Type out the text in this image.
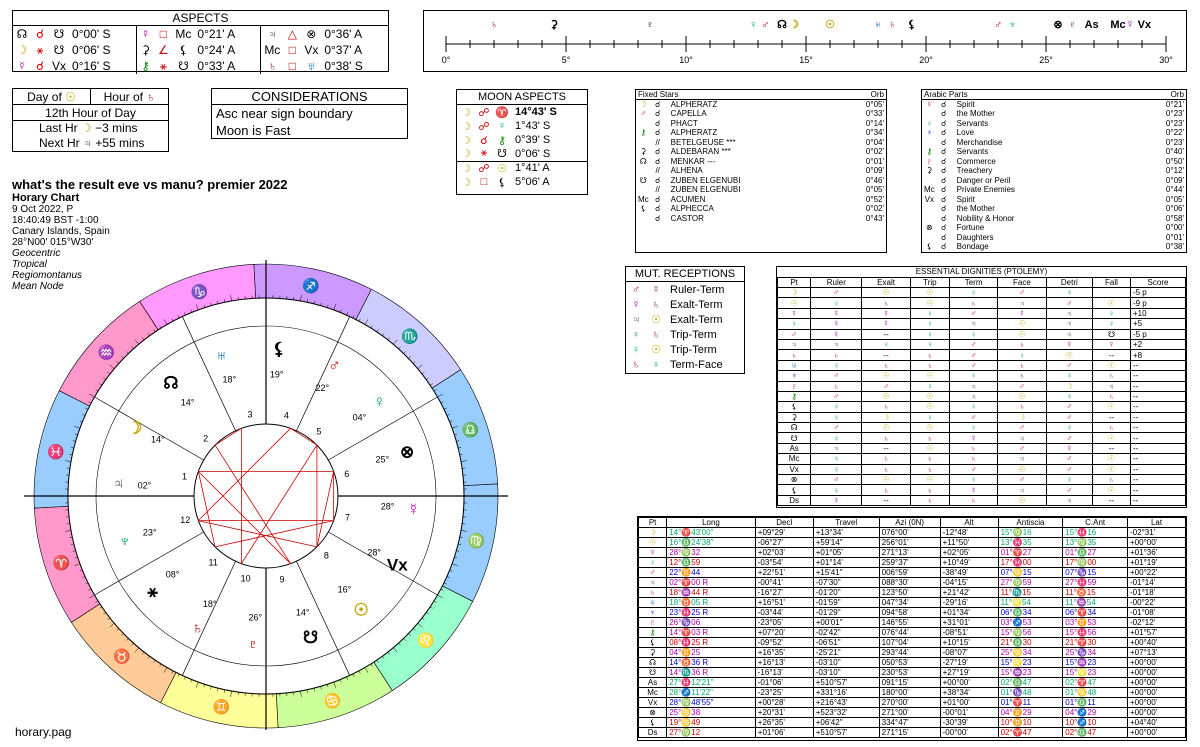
ASPECTS
☊	☌	☋	0°00' S	☿	□	Mc	0°21' A	♃	△	⊗	0°36' A
☽	⚹	☋	0°06' S	⚳	∠	⚸	0°24' A	Mc	□	Vx	0°37' A
☿	☌	Vx	0°16' S	⚷	⚹	☋	0°33' A	♄	□	♅	0°38' S	0°	5°	10°	15°	20°	25°	30°
♄	⚳	♇	♀ ♂ ☊ ☽ ☉	♅ ♄ ⚸	♂ ♆	⊗ ♇ As Mc ☿ Vx
Day of ☉	Hour of ♄
12th Hour of Day
Last Hr ☽ −3 mins
Next Hr ♃ +55 mins
CONSIDERATIONS
Asc near sign boundary
Moon is Fast
MOON ASPECTS
☽	☍	♈	14°43' S
☽	☍	♀	1°43' S
☽	☌	⚷	0°39' S
☽	⚹	☋	0°06' S
☽	☍	☉	1°41' A
☽	□	⚸	5°06' A
what's the result eve vs manu? premier 2022
Horary Chart
9 Oct 2022, P
18:40:49 BST -1:00
Canary Islands, Spain
28°N00' 015°W30'
Geocentric
Tropical
Regiomontanus
Mean Node
♓
♈
♉
♊	♋
♌
♍
♎
♏
♐
♑
♒
1
2
3	4
5
6
7
8
9
10
11
12
☿
28°
⊗
25°
♀
04°
♂
22°
⚸
19°
♅
18°
☊
14°
☽
14°
♃ 02°
♆ 23°
⚹
08°
♄
18°
♇
26°
☋
14°	☉
16°
Vx
28°
horary.pag
Fixed Stars			Orb
☽	☌	ALPHERATZ	0°05'
♂	☌	CAPELLA	0°33'
	☌	PHACT	0°14'
⚷	☌	ALPHERATZ	0°34'
	//	BETELGEUSE ***	0°04'
⚳	☌	ALDEBARAN ***	0°02'
☊	☌	MENKAR ---	0°01'
	//	ALHENA	0°09'
☋	☌	ZUBEN ELGENUBI	0°46'
	//	ZUBEN ELGENUBI	0°05'
Mc	☌	ACUMEN	0°52'
⚸	☌	ALPHECCA	0°02'
	☌	CASTOR	0°43'
Arabic Parts			Orb
☿	☌	Spirit	0°21'
	☌	the Mother	0°23'
♀	☌	Servants	0°23'
♆	☌	Love	0°22'
	☌	Merchandise	0°23'
⚷	☌	Servants	0°40'
♇	☌	Commerce	0°50'
⚳	☌	Treachery	0°12'
	☌	Danger or Peril	0°09'
Mc	☌	Private Enemies	0°44'
Vx	☌	Spirit	0°05'
	☌	the Mother	0°06'
	☌	Nobility & Honor	0°58'
⊗	☌	Fortune	0°00'
	☌	Daughters	0°01'
⚸	☌	Bondage	0°38'
MUT. RECEPTIONS
♂	☿	Ruler-Term
☿	♄	Exalt-Term
♃	☉	Exalt-Term
♀	♄	Trip-Term
♀	☉	Trip-Term
♄	♀	Term-Face
ESSENTIAL DIGNITIES (PTOLEMY)
Pt	Ruler	Exalt	Trip	Term	Face	Detri	Fall	Score
☽	♂	☉	☉	♀	♂	♀		-5 p
☉	♀	♄	☉	♄	♃	♂	☉	-9 p
☿	☿	☿	♀	♂	☿	♃	♀	+10
♀	☿	☿	♀	♃	☉	♃	♀	+5
♂	☿	--	♀	♀	☉	♃	☋	-5 p
♃	♃	♀	♀	♂	♄	☿	☿	+2
♄	♄	--	♄	♂	♀	☉	--	+8
♅	♀	♄	♄	♂	♄	♂	☉	--
♆	♂	☉	☉	♀	♄	♀	♄	--
♇	♄	♂	♀	♃	♂	☽	♃	--
⚷	♂	☉	☉	♃	☉	♀	♄	--
⚸	♀	♄	☉	♀	♄	♂	☉	--
⚳	♀	☽	♀	♂	☽	♂	--	--
☊	♂	☉	☉	♀	♂	♀	♄	--
☋	♀	♄	♄	☿	♃	♂	☉	--
As	♃	--	☉	♄	♂	☿	--	--
Mc	♀	♄	♄	♄	♃	♂	☉	--
Vx	♀	♄	♄	♂	☉	♂	☉	--
⊗	♂	☉	☉	♀	♂	♀	♄	--
⚸	♀	♄	♄	☿	♃	♂	☉	--
Ds	☿	--	♄	♄	☉	♃	--	--
Pt	Long	Decl	Travel	Azi (0N)	Alt	Antiscia	C.Ant	Lat
☽	14°♈43'00"	+09°29'	+13°34'	076°00'	-12°48'	15°♍16	15°♓16	-02°31'
☉	16°♎24'38"	-06°27'	+59'14"	256°01'	+11°50'	13°♓35	13°♍35	+00°00'
☿	28°♍32	+02°03'	+01°05'	271°13'	+02°05'	01°♈27	01°♎27	+01°36'
♀	12°♎59	-03°54'	+01°14'	259°37'	+10°49'	17°♓00	17°♍00	+01°19'
♂	22°♊44	+22°51'	+15'41"	006°59'	-38°49'	07°♋15	07°♑15	+00°22'
♃	02°♈00 R	-00°41'	-07'30"	088°30'	-04°15'	27°♍59	27°♓59	-01°14'
♄	18°♒44 R	-16°27'	-01'20"	123°50'	+21°42'	11°♏15	11°♉15	-01°18'
♅	18°♉05 R	+16°51'	-01'59"	047°34'	-29°16'	11°♌54	11°♒54	-00°22'
♆	23°♓25 R	-03°44'	-01'29"	094°58'	+01°34'	06°♎34	06°♈34	-01°08'
♇	26°♑06	-23°05'	+00'01"	146°55'	+31°01'	03°♐53	03°♊53	-02°12'
⚷	14°♈03 R	+07°20'	-02'42"	076°44'	-08°51'	15°♍56	15°♓56	+01°57'
⚸	08°♓25 R	-09°52'	-06'51"	107°04'	+10°15'	21°♎30	21°♈30	+00°40'
⚳	04°♊25	+16°35'	-25'21"	293°44'	-08°07'	25°♋34	25°♑34	+07°13'
☊	14°♉36 R	+16°13'	-03'10"	050°53'	-27°19'	15°♌23	15°♒23	+00°00'
☋	14°♏36 R	-16°13'	-03'10"	230°53'	+27°19'	15°♒23	15°♌23	+00°00'
As	27°♓12'21"	-01°06'	+510°57'	091°15'	+00°00'	02°♎47	02°♈47	+00°00'
Mc	28°♐11'22"	-23°25'	+331°16'	180°00'	+38°34'	01°♑48	01°♋48	+00°00'
Vx	28°♍48'55"	+00°28'	+216°43'	270°00'	+01°00'	01°♈11	01°♎11	+00°00'
⊗	25°♋38	+20°31'	+523°32'	271°00'	-00°01'	04°♊29	04°♐29	+00°00'
⚸	19°♋49	+26°35'	+06'42"	334°47'	-30°39'	10°♊10	10°♐10	+04°40'
Ds	27°♍12	+01°06'	+510°57'	271°15'	-00°00'	02°♈47	02°♎47	+00°00'
